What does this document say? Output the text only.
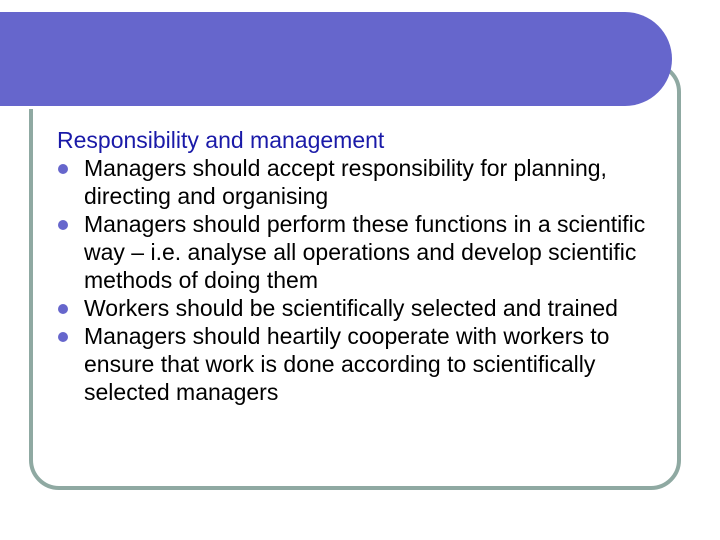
Responsibility and management

Managers should accept responsibility for planning, directing and organising
Managers should perform these functions in a scientific way – i.e. analyse all operations and develop scientific methods of doing them
Workers should be scientifically selected and trained
Managers should heartily cooperate with workers to ensure that work is done according to scientifically selected managers
